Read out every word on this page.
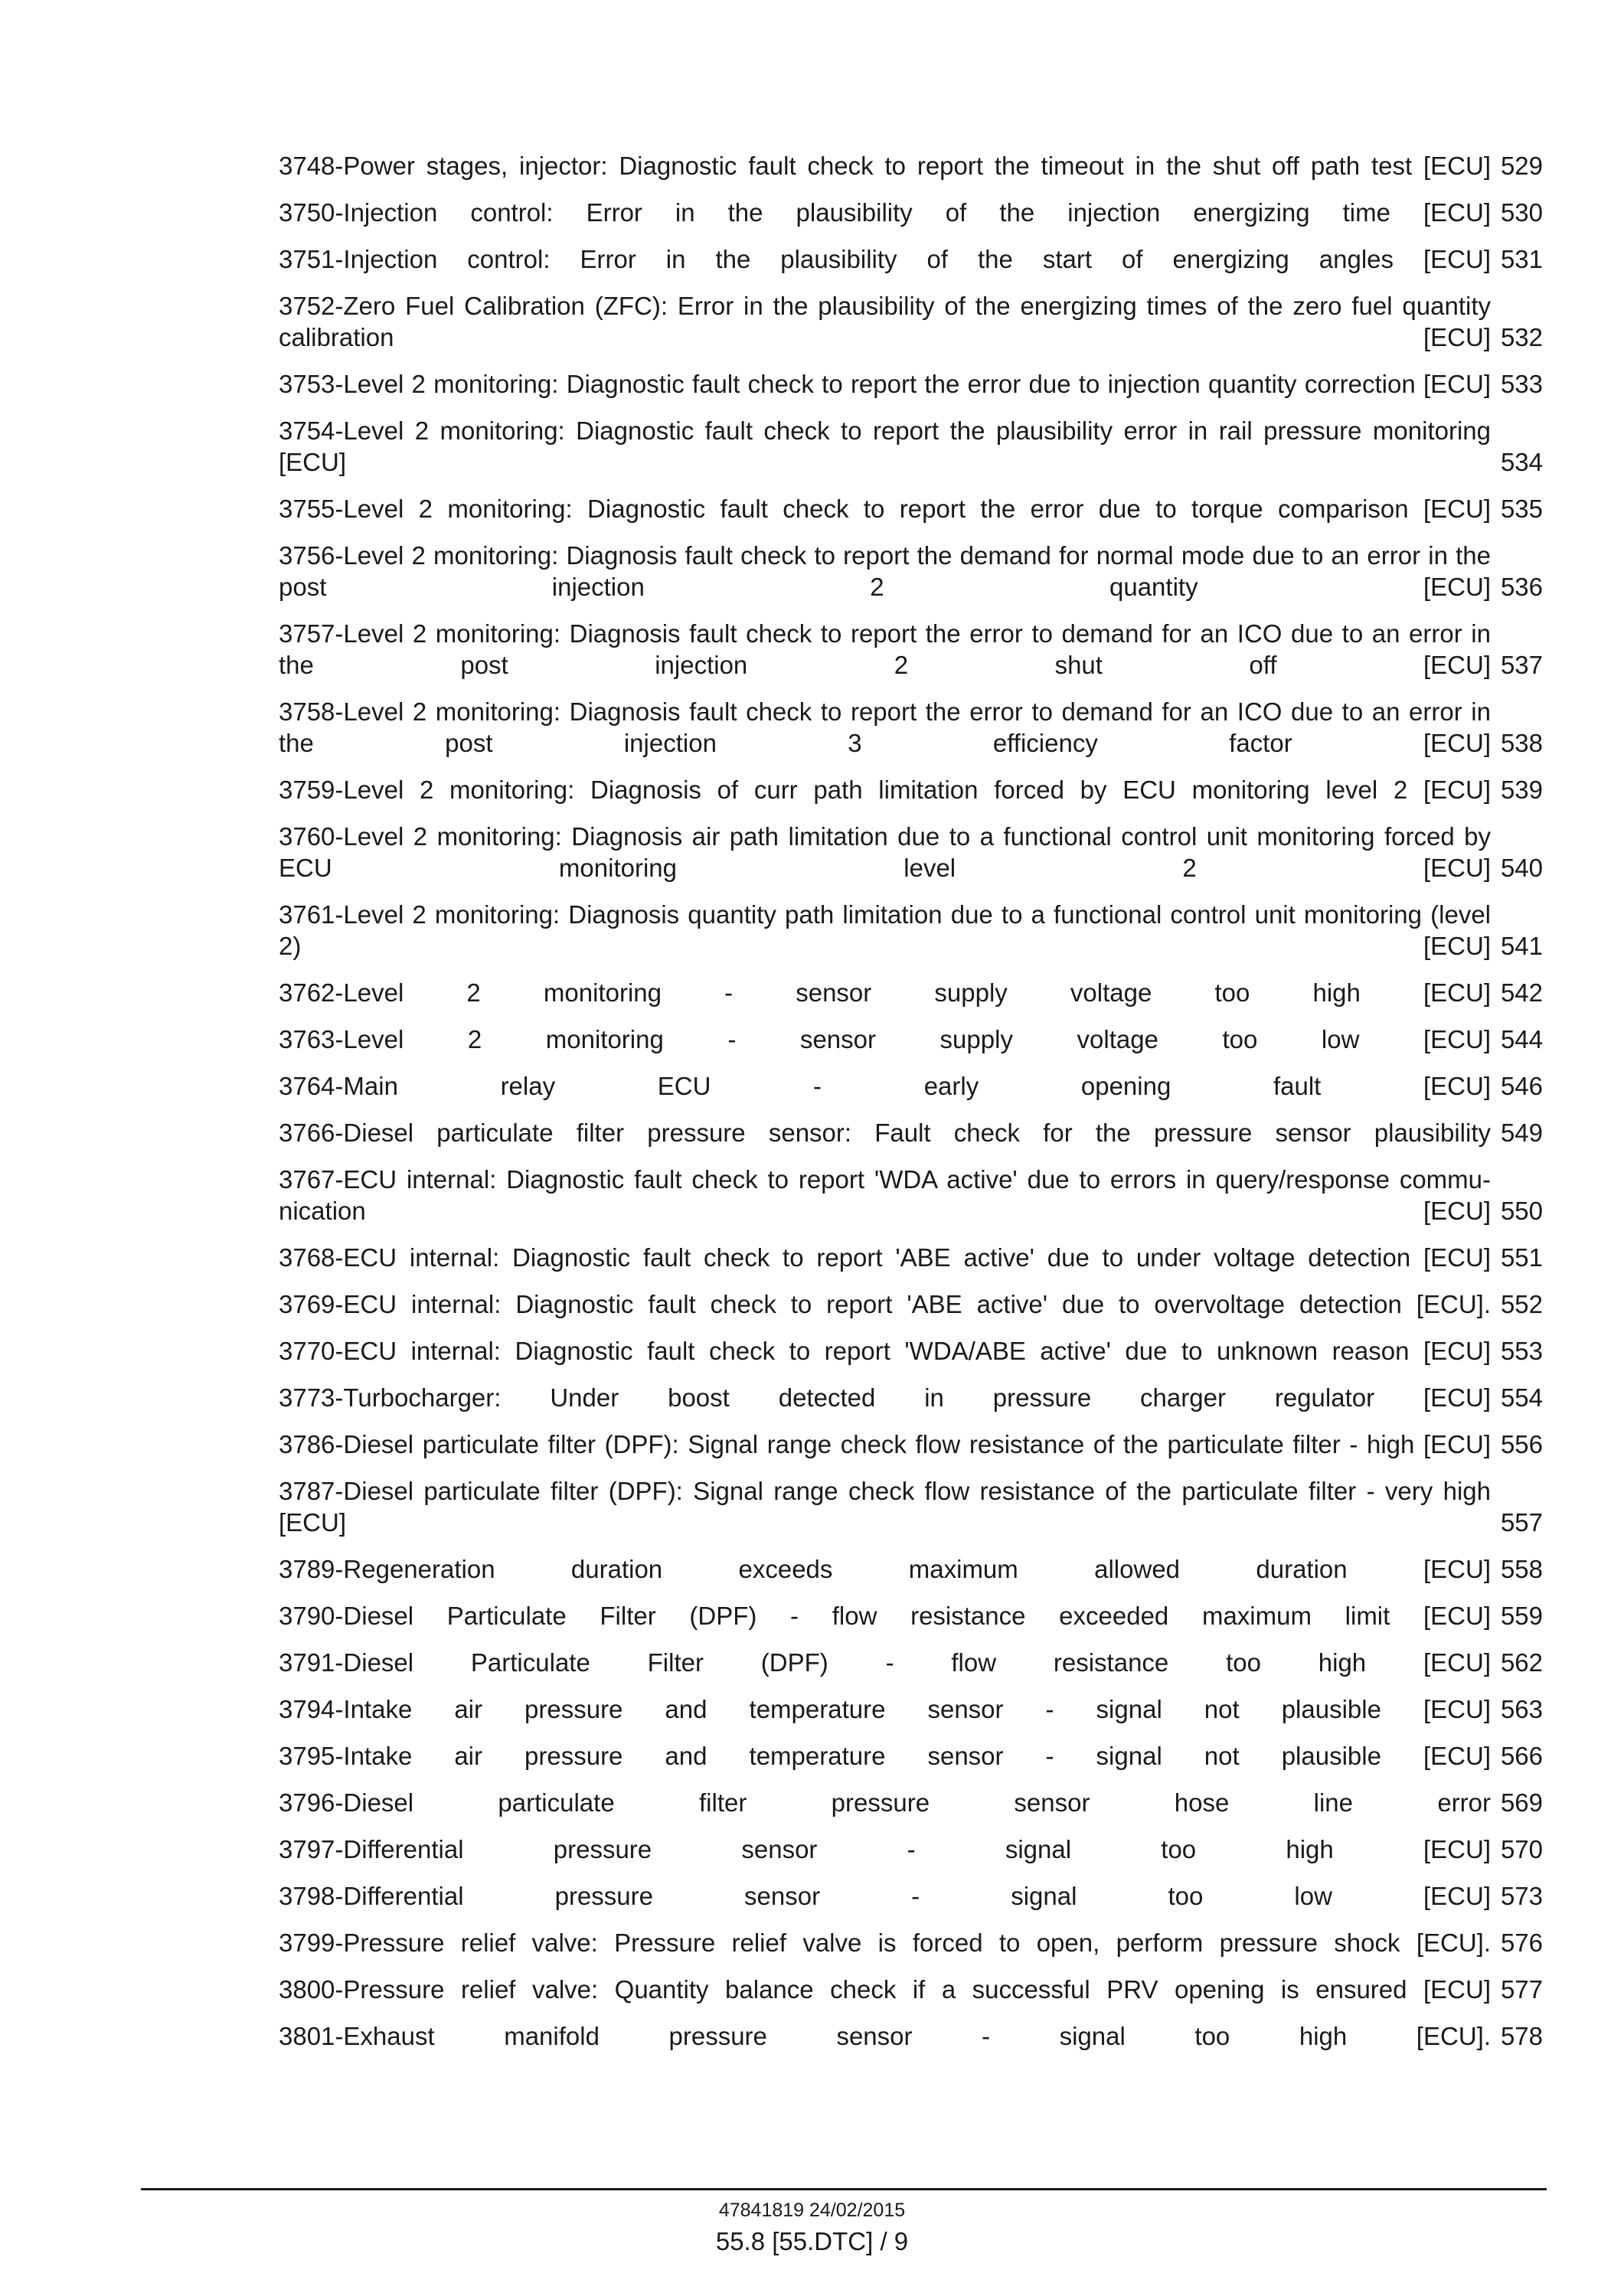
3748-Power stages, injector: Diagnostic fault check to report the timeout in the shut off path test [ECU] 529
3750-Injection control: Error in the plausibility of the injection energizing time [ECU] 530
3751-Injection control: Error in the plausibility of the start of energizing angles [ECU] 531
3752-Zero Fuel Calibration (ZFC): Error in the plausibility of the energizing times of the zero fuel quantity calibration [ECU] 532
3753-Level 2 monitoring: Diagnostic fault check to report the error due to injection quantity correction [ECU] 533
3754-Level 2 monitoring: Diagnostic fault check to report the plausibility error in rail pressure monitoring [ECU]	534
3755-Level 2 monitoring: Diagnostic fault check to report the error due to torque comparison [ECU] 535
3756-Level 2 monitoring: Diagnosis fault check to report the demand for normal mode due to an error in the post injection 2 quantity [ECU] 536
3757-Level 2 monitoring: Diagnosis fault check to report the error to demand for an ICO due to an error in the post injection 2 shut off [ECU] 537
3758-Level 2 monitoring: Diagnosis fault check to report the error to demand for an ICO due to an error in the post injection 3 efficiency factor [ECU] 538
3759-Level 2 monitoring: Diagnosis of curr path limitation forced by ECU monitoring level 2 [ECU] 539
3760-Level 2 monitoring: Diagnosis air path limitation due to a functional control unit monitoring forced by ECU monitoring level 2 [ECU] 540
3761-Level 2 monitoring: Diagnosis quantity path limitation due to a functional control unit monitoring (level 2) [ECU] 541
3762-Level 2 monitoring - sensor supply voltage too high [ECU] 542
3763-Level 2 monitoring - sensor supply voltage too low [ECU] 544
3764-Main relay ECU - early opening fault [ECU] 546
3766-Diesel particulate filter pressure sensor: Fault check for the pressure sensor plausibility 549
3767-ECU internal: Diagnostic fault check to report 'WDA active' due to errors in query/response commu- nication [ECU] 550
3768-ECU internal: Diagnostic fault check to report 'ABE active' due to under voltage detection [ECU] 551
3769-ECU internal: Diagnostic fault check to report 'ABE active' due to overvoltage detection [ECU]. 552
3770-ECU internal: Diagnostic fault check to report 'WDA/ABE active' due to unknown reason [ECU] 553
3773-Turbocharger: Under boost detected in pressure charger regulator [ECU] 554
3786-Diesel particulate filter (DPF): Signal range check flow resistance of the particulate filter - high [ECU] 556
3787-Diesel particulate filter (DPF): Signal range check flow resistance of the particulate filter - very high [ECU]	557
3789-Regeneration duration exceeds maximum allowed duration [ECU] 558
3790-Diesel Particulate Filter (DPF) - flow resistance exceeded maximum limit [ECU] 559
3791-Diesel Particulate Filter (DPF) - flow resistance too high [ECU] 562
3794-Intake air pressure and temperature sensor - signal not plausible [ECU] 563
3795-Intake air pressure and temperature sensor - signal not plausible [ECU] 566
3796-Diesel particulate filter pressure sensor hose line error 569
3797-Differential pressure sensor - signal too high [ECU] 570
3798-Differential pressure sensor - signal too low [ECU] 573
3799-Pressure relief valve: Pressure relief valve is forced to open, perform pressure shock [ECU]. 576
3800-Pressure relief valve: Quantity balance check if a successful PRV opening is ensured [ECU] 577
3801-Exhaust manifold pressure sensor - signal too high [ECU]. 578
47841819 24/02/2015
55.8 [55.DTC] / 9
